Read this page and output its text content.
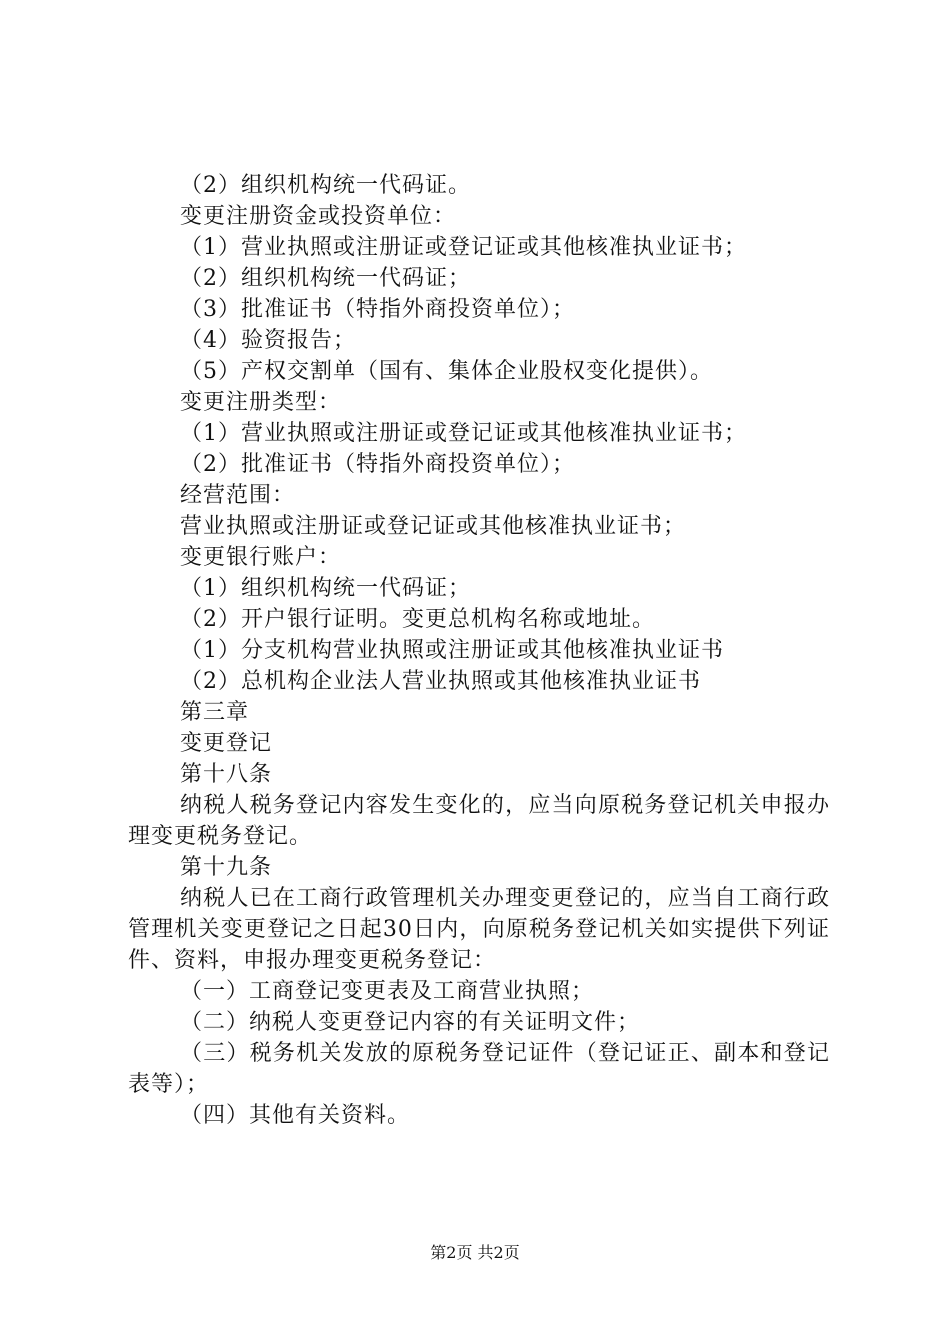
（2）组织机构统一代码证。
变更注册资金或投资单位：
（1）营业执照或注册证或登记证或其他核准执业证书；
（2）组织机构统一代码证；
（3）批准证书（特指外商投资单位）；
（4）验资报告；
（5）产权交割单（国有、集体企业股权变化提供）。
变更注册类型：
（1）营业执照或注册证或登记证或其他核准执业证书；
（2）批准证书（特指外商投资单位）；
经营范围：
营业执照或注册证或登记证或其他核准执业证书；
变更银行账户：
（1）组织机构统一代码证；
（2）开户银行证明。变更总机构名称或地址。
（1）分支机构营业执照或注册证或其他核准执业证书
（2）总机构企业法人营业执照或其他核准执业证书
第三章
变更登记
第十八条
纳税人税务登记内容发生变化的，应当向原税务登记机关申报办理变更税务登记。
第十九条
纳税人已在工商行政管理机关办理变更登记的，应当自工商行政管理机关变更登记之日起30日内，向原税务登记机关如实提供下列证件、资料，申报办理变更税务登记：
（一）工商登记变更表及工商营业执照；
（二）纳税人变更登记内容的有关证明文件；
（三）税务机关发放的原税务登记证件（登记证正、副本和登记表等）；
（四）其他有关资料。
第2页 共2页
